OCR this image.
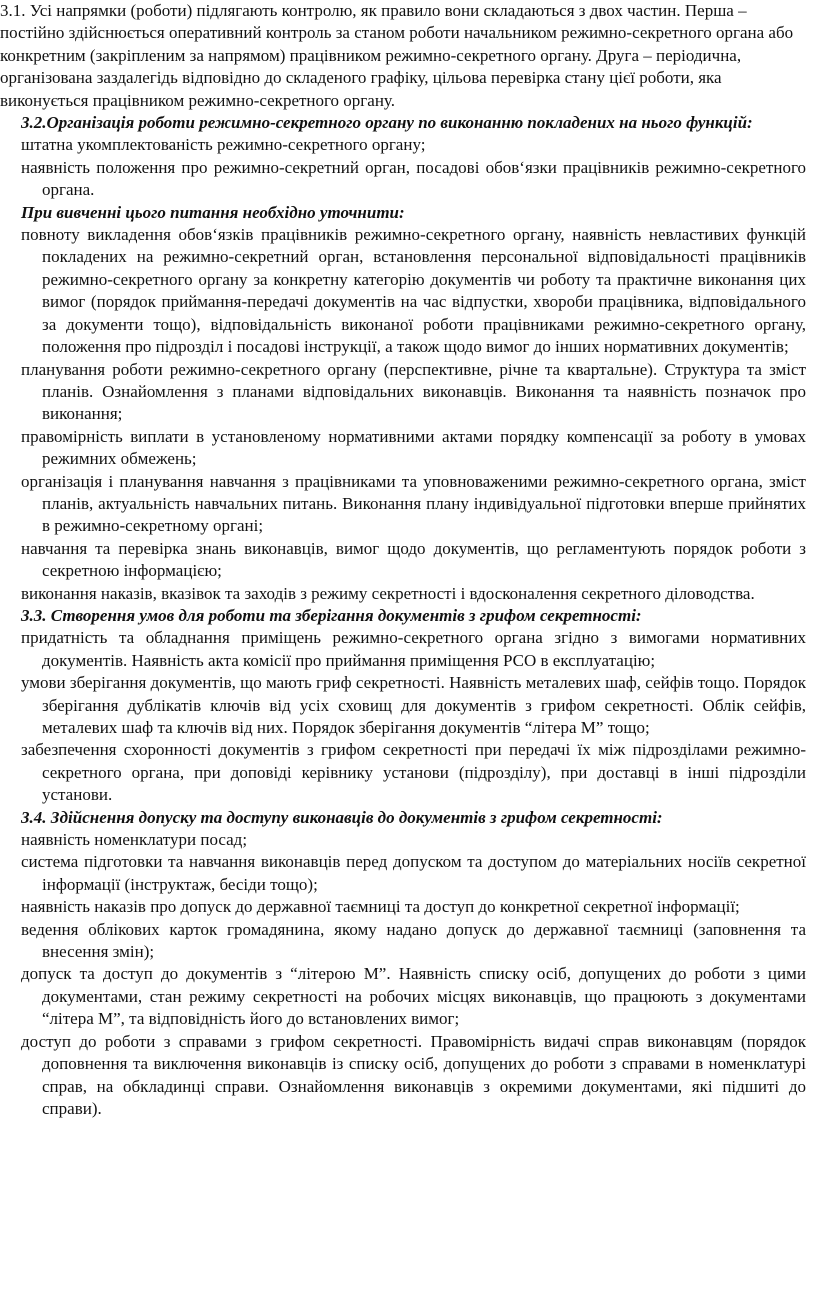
3.1. Усі напрямки (роботи) підлягають контролю, як правило вони складаються з двох частин. Перша – постійно здійснюється оперативний контроль за станом роботи начальником режимно-секретного органа або конкретним (закріпленим за напрямом) працівником режимно-секретного органу. Друга – періодична, організована заздалегідь відповідно до складеного графіку, цільова перевірка стану цієї роботи, яка виконується працівником режимно-секретного органу.

3.2.Організація роботи режимно-секретного органу по виконанню покладених на нього функцій:

штатна укомплектованість режимно-секретного органу;

наявність положення про режимно-секретний орган, посадові обов‘язки працівників режимно-секретного органа.

При вивченні цього питання необхідно уточнити:

повноту викладення обов‘язків працівників режимно-секретного органу, наявність невластивих функцій покладених на режимно-секретний орган, встановлення персональної відповідальності працівників режимно-секретного органу за конкретну категорію документів чи роботу та практичне виконання цих вимог (порядок приймання-передачі документів на час відпустки, хвороби працівника, відповідального за документи тощо), відповідальність виконаної роботи працівниками режимно-секретного органу, положення про підрозділ і посадові інструкції, а також щодо вимог до інших нормативних документів;

планування роботи режимно-секретного органу (перспективне, річне та квартальне). Структура та зміст планів. Ознайомлення з планами відповідальних виконавців. Виконання та наявність позначок про виконання;

правомірність виплати в установленому нормативними актами порядку компенсації за роботу в умовах режимних обмежень;

організація і планування навчання з працівниками та уповноваженими режимно-секретного органа, зміст планів, актуальність навчальних питань. Виконання плану індивідуальної підготовки вперше прийнятих в режимно-секретному органі;

навчання та перевірка знань виконавців, вимог щодо документів, що регламентують порядок роботи з секретною інформацією;

виконання наказів, вказівок та заходів з режиму секретності і вдосконалення секретного діловодства.

3.3. Створення умов для роботи та зберігання документів з грифом секретності:

придатність та обладнання приміщень режимно-секретного органа згідно з вимогами нормативних документів. Наявність акта комісії про приймання приміщення РСО в експлуатацію;

умови зберігання документів, що мають гриф секретності. Наявність металевих шаф, сейфів тощо. Порядок зберігання дублікатів ключів від усіх сховищ для документів з грифом секретності. Облік сейфів, металевих шаф та ключів від них. Порядок зберігання документів “літера М” тощо;

забезпечення схоронності документів з грифом секретності при передачі їх між підрозділами режимно-секретного органа, при доповіді керівнику установи (підрозділу), при доставці в інші підрозділи установи.

3.4. Здійснення допуску та доступу виконавців до документів з грифом секретності:

наявність номенклатури посад;

система підготовки та навчання виконавців перед допуском та доступом до матеріальних носіїв секретної інформації (інструктаж, бесіди тощо);

наявність наказів про допуск до державної таємниці та доступ до конкретної секретної інформації;

ведення облікових карток громадянина, якому надано допуск до державної таємниці (заповнення та внесення змін);

допуск та доступ до документів з “літерою М”. Наявність списку осіб, допущених до роботи з цими документами, стан режиму секретності на робочих місцях виконавців, що працюють з документами “літера М”, та відповідність його до встановлених вимог;

доступ до роботи з справами з грифом секретності. Правомірність видачі справ виконавцям (порядок доповнення та виключення виконавців із списку осіб, допущених до роботи з справами в номенклатурі справ, на обкладинці справи. Ознайомлення виконавців з окремими документами, які підшиті до справи).
